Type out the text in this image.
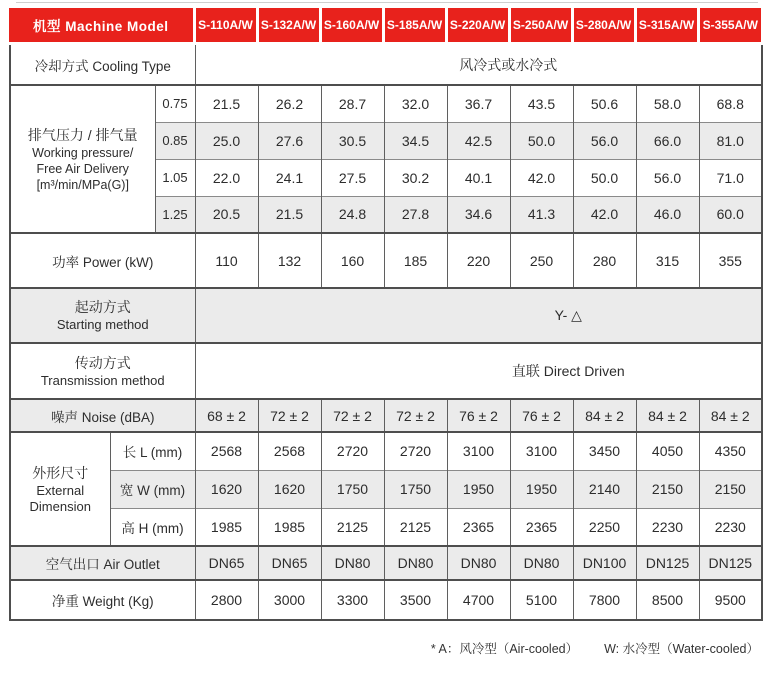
机型 Machine Model	S-110A/W	S-132A/W	S-160A/W	S-185A/W	S-220A/W	S-250A/W	S-280A/W	S-315A/W	S-355A/W
冷却方式 Cooling Type			风冷式或水冷式								

排气压力 / 排气量
Working pressure/
Free Air Delivery
[m³/min/MPa(G)]		0.75	21.5	26.2	28.7	32.0	36.7	43.5	50.6	58.0	68.8
		0.85	25.0	27.6	30.5	34.5	42.5	50.0	56.0	66.0	81.0
		1.05	22.0	24.1	27.5	30.2	40.1	42.0	50.0	56.0	71.0
		1.25	20.5	21.5	24.8	27.8	34.6	41.3	42.0	46.0	60.0
功率 Power (kW)			110	132	160	185	220	250	280	315	355

起动方式
Starting method			Y- △								

传动方式
Transmission method			直联 Direct Driven								
噪声 Noise (dBA)			68 ± 2	72 ± 2	72 ± 2	72 ± 2	76 ± 2	76 ± 2	84 ± 2	84 ± 2	84 ± 2

外形尺寸
External
Dimension	长 L (mm)		2568	2568	2720	2720	3100	3100	3450	4050	4350
	宽 W (mm)		1620	1620	1750	1750	1950	1950	2140	2150	2150
	高 H (mm)		1985	1985	2125	2125	2365	2365	2250	2230	2230
空气出口 Air Outlet			DN65	DN65	DN80	DN80	DN80	DN80	DN100	DN125	DN125
净重 Weight (Kg)			2800	3000	3300	3500	4700	5100	7800	8500	9500
* A：风冷型（Air-cooled） W: 水冷型（Water-cooled）
